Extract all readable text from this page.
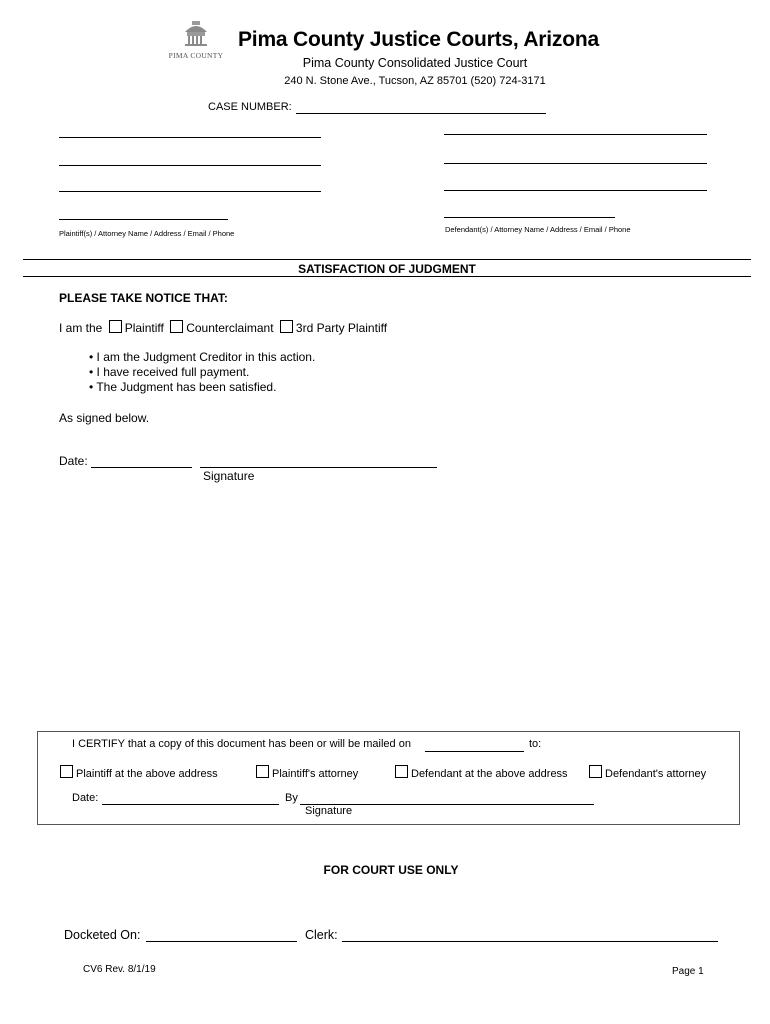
PIMA COUNTY
Pima County Justice Courts, Arizona
Pima County Consolidated Justice Court
240 N. Stone Ave., Tucson, AZ 85701 (520) 724-3171
CASE NUMBER:
Plaintiff(s) / Attorney Name / Address / Email / Phone	Defendant(s) / Attorney Name / Address / Email / Phone
SATISFACTION OF JUDGMENT
PLEASE TAKE NOTICE THAT:
I am the Plaintiff Counterclaimant 3rd Party Plaintiff
• I am the Judgment Creditor in this action.
• I have received full payment.
• The Judgment has been satisfied.
As signed below.
Date:
Signature
I CERTIFY that a copy of this document has been or will be mailed on	to:
Plaintiff at the above address	Plaintiff's attorney	Defendant at the above address	Defendant's attorney
Date:	By
Signature
FOR COURT USE ONLY
Docketed On:	Clerk:
CV6 Rev. 8/1/19	Page 1
